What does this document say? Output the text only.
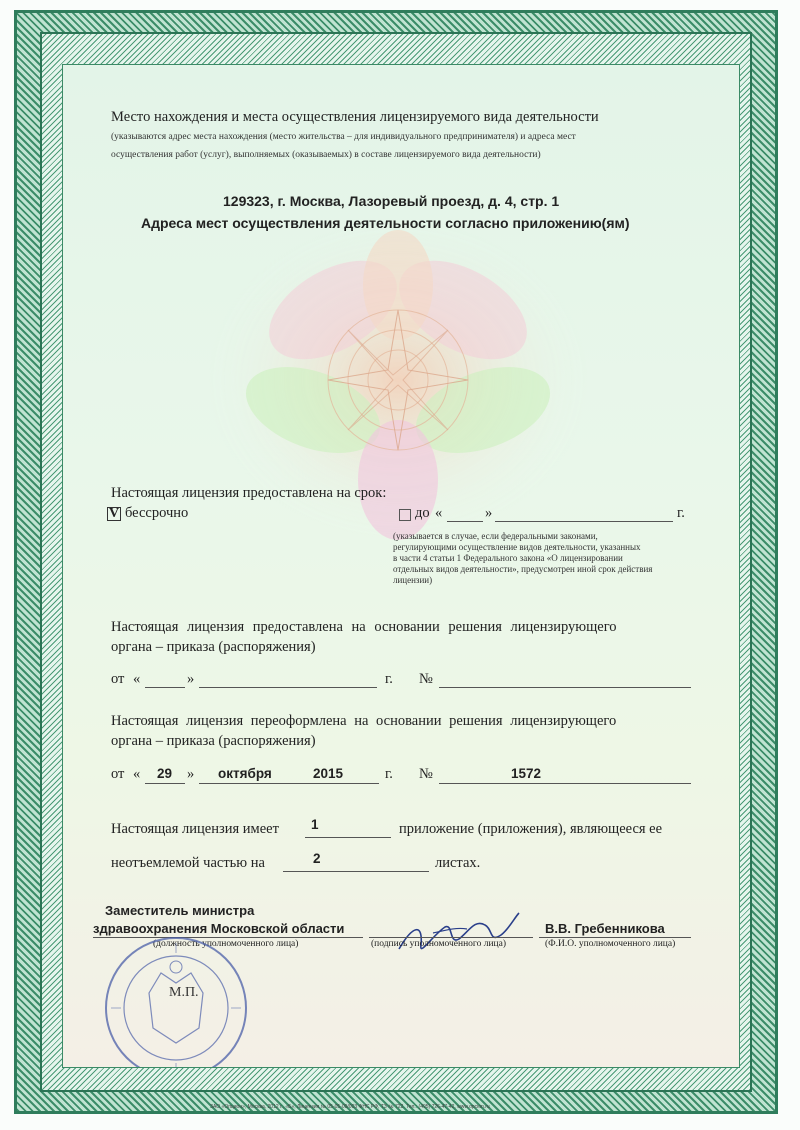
Место нахождения и места осуществления лицензируемого вида деятельности
(указываются адрес места нахождения (место жительства – для индивидуального предпринимателя) и адреса мест
осуществления работ (услуг), выполняемых (оказываемых) в составе лицензируемого вида деятельности)
129323, г. Москва, Лазоревый проезд, д. 4, стр. 1
Адреса мест осуществления деятельности согласно приложению(ям)
Настоящая лицензия предоставлена на срок:
V бессрочно	до «	»	г.
(указывается в случае, если федеральными законами,
регулирующими осуществление видов деятельности, указанных
в части 4 статьи 1 Федерального закона «О лицензировании
отдельных видов деятельности», предусмотрен иной срок действия
лицензии)
Настоящая лицензия предоставлена на основании решения лицензирующего
органа – приказа (распоряжения)
от «	»	г. №
Настоящая лицензия переоформлена на основании решения лицензирующего
органа – приказа (распоряжения)
от « 29 » октября	2015	г. №	1572
Настоящая лицензия имеет 1	приложение (приложения), являющееся ее
неотъемлемой частью на	2	листах.
Заместитель министра
здравоохранения Московской области
(должность уполномоченного лица)	(подпись уполномоченного лица)
В.В. Гребенникова
(Ф.И.О. уполномоченного лица)
М.П.
ЗАО «Опцион», Москва, 2012 г., «Б», Лицензия № 05-05-09/003 ФНС РФ, ТЗ № 722. Тел.: (495) 726-47-42, www.opcion.ru
